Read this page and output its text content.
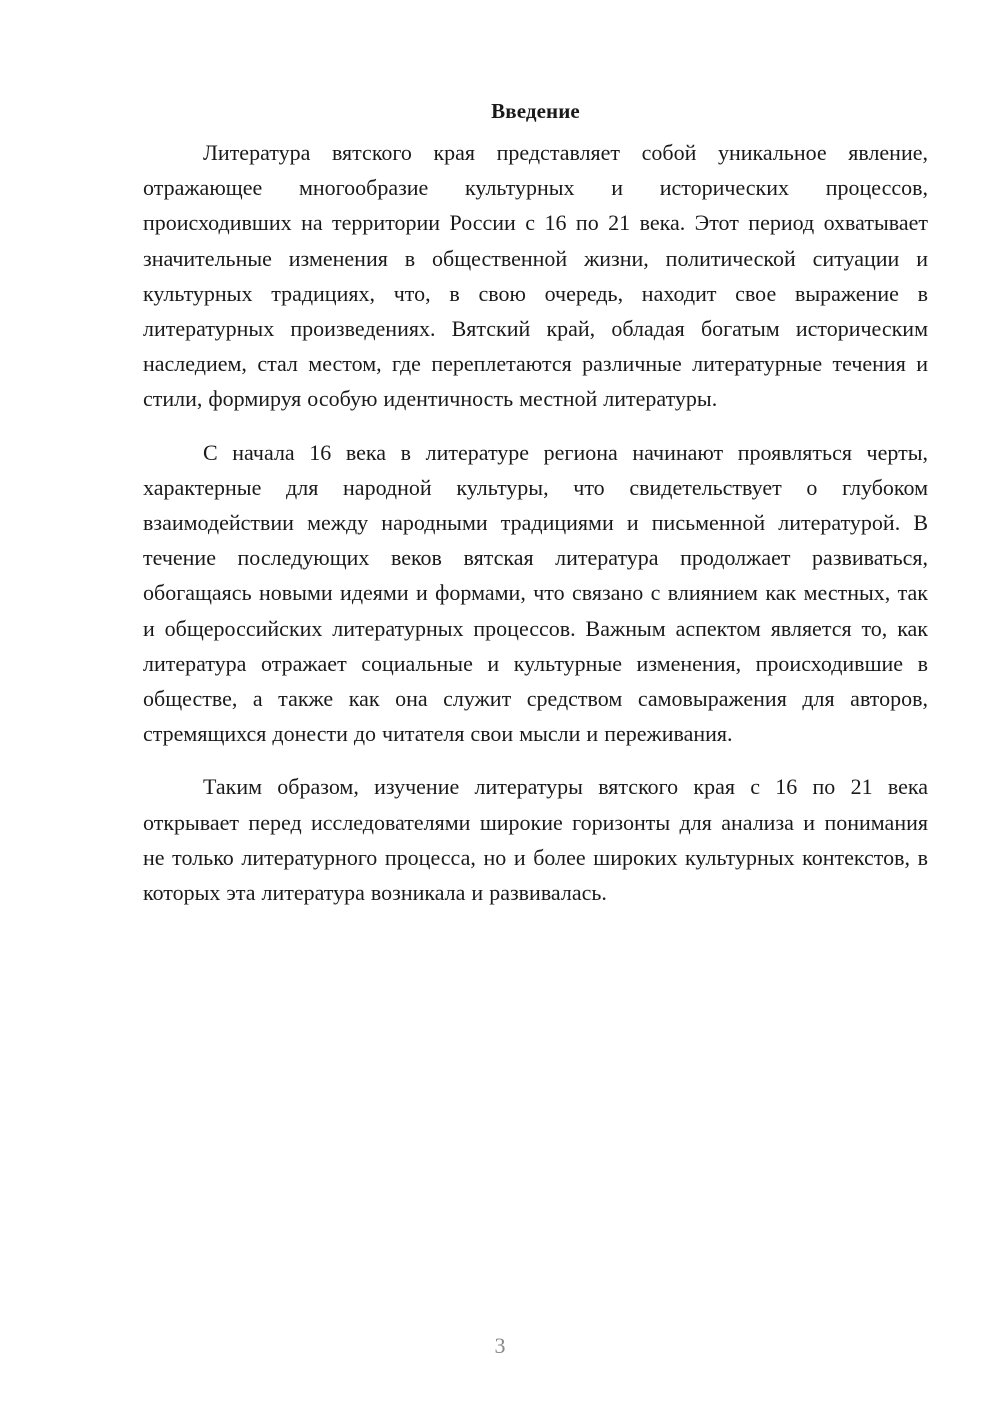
Введение

Литература вятского края представляет собой уникальное явление, отражающее многообразие культурных и исторических процессов, происходивших на территории России с 16 по 21 века. Этот период охватывает значительные изменения в общественной жизни, политической ситуации и культурных традициях, что, в свою очередь, находит свое выражение в литературных произведениях. Вятский край, обладая богатым историческим наследием, стал местом, где переплетаются различные литературные течения и стили, формируя особую идентичность местной литературы.

С начала 16 века в литературе региона начинают проявляться черты, характерные для народной культуры, что свидетельствует о глубоком взаимодействии между народными традициями и письменной литературой. В течение последующих веков вятская литература продолжает развиваться, обогащаясь новыми идеями и формами, что связано с влиянием как местных, так и общероссийских литературных процессов. Важным аспектом является то, как литература отражает социальные и культурные изменения, происходившие в обществе, а также как она служит средством самовыражения для авторов, стремящихся донести до читателя свои мысли и переживания.

Таким образом, изучение литературы вятского края с 16 по 21 века открывает перед исследователями широкие горизонты для анализа и понимания не только литературного процесса, но и более широких культурных контекстов, в которых эта литература возникала и развивалась.

3
